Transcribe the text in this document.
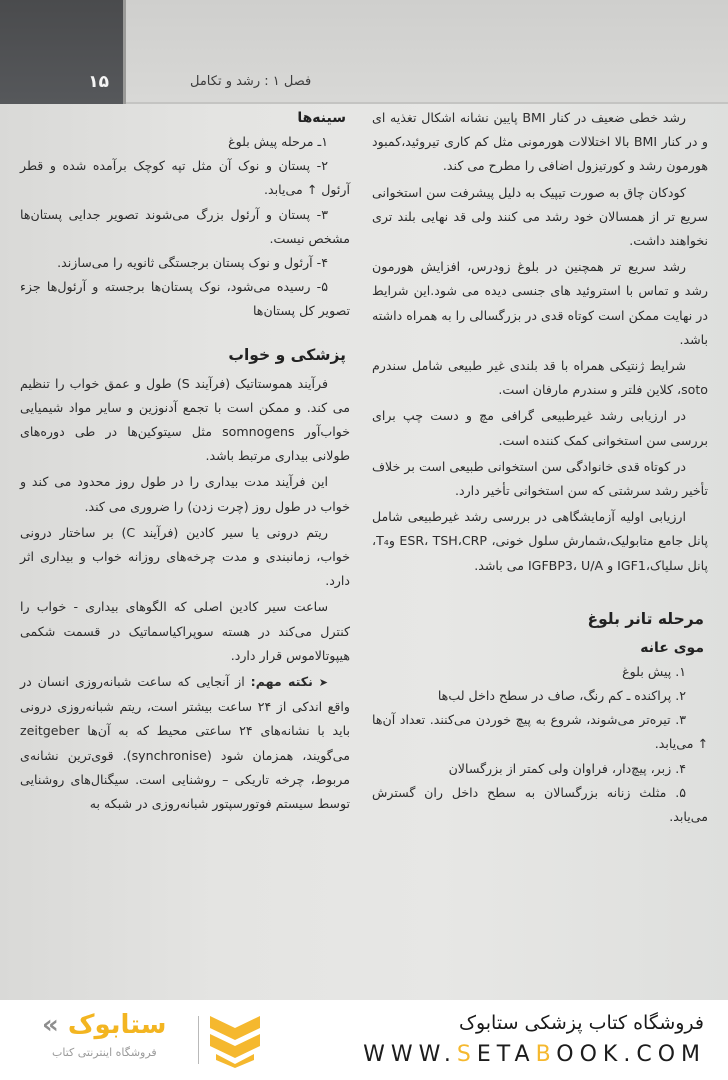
۱۵	فصل ۱ : رشد و تکامل

رشد خطی ضعیف در کنار BMI پایین نشانه اشکال تغذیه ای و در کنار BMI بالا اختلالات هورمونی مثل کم کاری تیروئید،کمبود هورمون رشد و کورتیزول اضافی را مطرح می کند.

کودکان چاق به صورت تیپیک به دلیل پیشرفت سن استخوانی سریع تر از همسالان خود رشد می کنند ولی قد نهایی بلند تری نخواهند داشت.

رشد سریع تر همچنین در بلوغ زودرس، افزایش هورمون رشد و تماس با استروئید های جنسی دیده می شود.این شرایط در نهایت ممکن است کوتاه قدی در بزرگسالی را به همراه داشته باشد.

شرایط ژنتیکی همراه با قد بلندی غیر طبیعی شامل سندرم soto، کلاین فلتر و سندرم مارفان است.

در ارزیابی رشد غیرطبیعی گرافی مچ و دست چپ برای بررسی سن استخوانی کمک کننده است.

در کوتاه قدی خانوادگی سن استخوانی طبیعی است بر خلاف تأخیر رشد سرشتی که سن استخوانی تأخیر دارد.

ارزیابی اولیه آزمایشگاهی در بررسی رشد غیرطبیعی شامل پانل جامع متابولیک،شمارش سلول خونی، ESR، TSH،CRP وT₄، پانل سلیاک،IGF1 و IGFBP3، U/A می باشد.

مرحله تانر بلوغ
موی عانه

۱. پیش بلوغ

۲. پراکنده ـ کم رنگ، صاف در سطح داخل لب‌ها

۳. تیره‌تر می‌شوند، شروع به پیچ خوردن می‌کنند. تعداد آن‌ها ↑ می‌یابد.

۴. زبر، پیچ‌دار، فراوان ولی کمتر از بزرگسالان

۵. مثلث زنانه بزرگسالان به سطح داخل ران گسترش می‌یابد.

سینه‌ها

۱ـ مرحله پیش بلوغ

۲- پستان و نوک آن مثل تپه کوچک برآمده شده و قطر آرئول ↑ می‌یابد.

۳- پستان و آرئول بزرگ می‌شوند تصویر جدایی پستان‌ها مشخص نیست.

۴- آرئول و نوک پستان برجستگی ثانویه را می‌سازند.

۵- رسیده می‌شود، نوک پستان‌ها برجسته و آرئول‌ها جزء تصویر کل پستان‌ها

پزشکی و خواب

فرآیند هموستاتیک (فرآیند S) طول و عمق خواب را تنظیم می کند. و ممکن است با تجمع آدنوزین و سایر مواد شیمیایی خواب‌آور somnogens مثل سیتوکین‌ها در طی دوره‌های طولانی بیداری مرتبط باشد.

این فرآیند مدت بیداری را در طول روز محدود می کند و خواب در طول روز (چرت زدن) را ضروری می کند.

ریتم درونی یا سیر کادین (فرآیند C) بر ساختار درونی خواب، زمانبندی و مدت چرخه‌های روزانه خواب و بیداری اثر دارد.

ساعت سیر کادین اصلی که الگوهای بیداری - خواب را کنترل می‌کند در هسته سوپراکیاسماتیک در قسمت شکمی هیپوتالاموس قرار دارد.

➤ نکته مهم: از آنجایی که ساعت شبانه‌روزی انسان در واقع اندکی از ۲۴ ساعت بیشتر است، ریتم شبانه‌روزی درونی باید با نشانه‌های ۲۴ ساعتی محیط که به آن‌ها zeitgeber می‌گویند، همزمان شود (synchronise). قوی‌ترین نشانه‌ی مربوط، چرخه تاریکی – روشنایی است. سیگنال‌های روشنایی توسط سیستم فوتورسپتور شبانه‌روزی در شبکه به

« ستابوک
فروشگاه اینترنتی کتاب
فروشگاه کتاب پزشکی ستابوک
WWW.SETABOOK.COM
